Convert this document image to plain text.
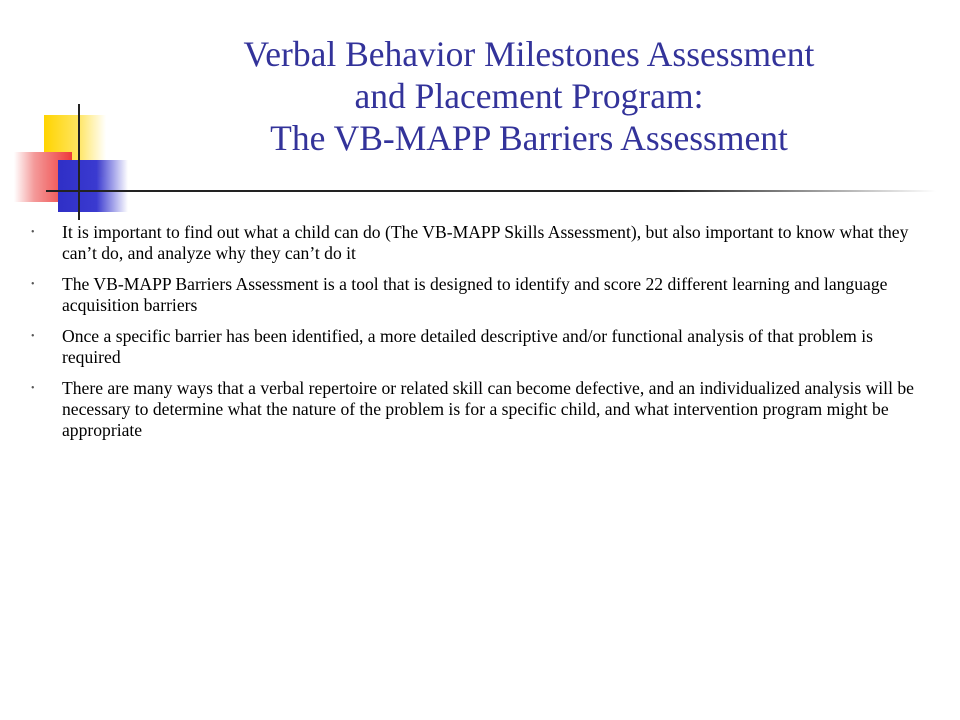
Verbal Behavior Milestones Assessment
and Placement Program:
The VB-MAPP Barriers Assessment
• It is important to find out what a child can do (The VB-MAPP Skills Assessment), but also important to know what they can’t do, and analyze why they can’t do it
• The VB-MAPP Barriers Assessment is a tool that is designed to identify and score 22 different learning and language acquisition barriers
• Once a specific barrier has been identified, a more detailed descriptive and/or functional analysis of that problem is required
• There are many ways that a verbal repertoire or related skill can become defective, and an individualized analysis will be necessary to determine what the nature of the problem is for a specific child, and what intervention program might be appropriate
